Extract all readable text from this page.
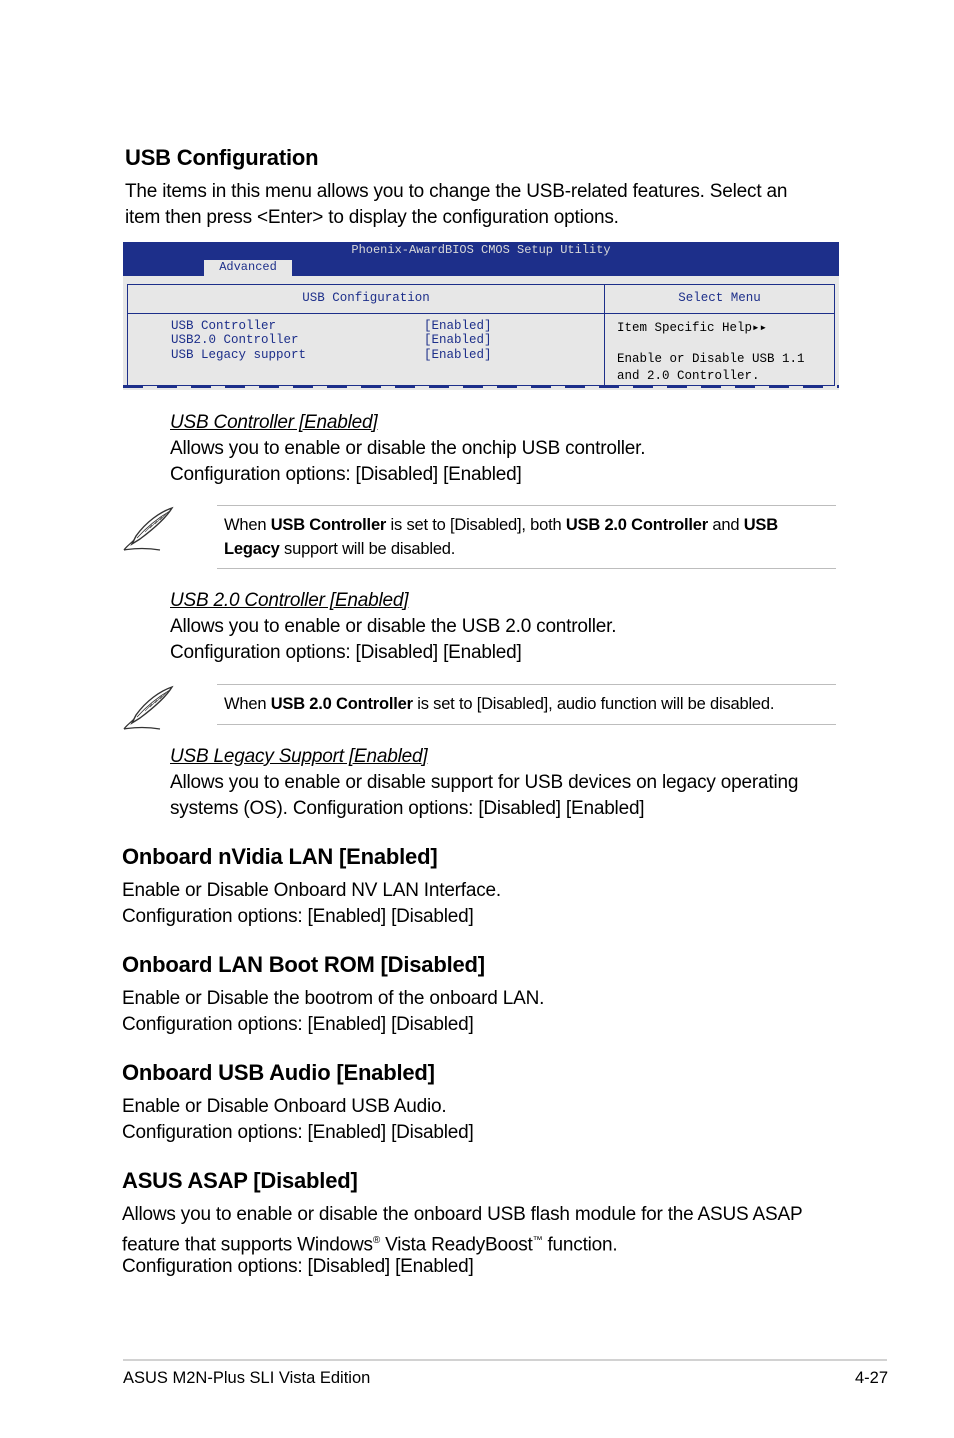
USB Configuration

The items in this menu allows you to change the USB-related features. Select an

item then press <Enter> to display the configuration options.

Phoenix-AwardBIOS CMOS Setup Utility
Advanced
USB Configuration
USB Controller	[Enabled]
USB2.0 Controller	[Enabled]
USB Legacy support	[Enabled]
Select Menu
Item Specific Help▸▸
Enable or Disable USB 1.1
and 2.0 Controller.

USB Controller [Enabled]

Allows you to enable or disable the onchip USB controller.

Configuration options: [Disabled] [Enabled]

When USB Controller is set to [Disabled], both USB 2.0 Controller and USB Legacy support will be disabled.

USB 2.0 Controller [Enabled]

Allows you to enable or disable the USB 2.0 controller.

Configuration options: [Disabled] [Enabled]

When USB 2.0 Controller is set to [Disabled], audio function will be disabled.

USB Legacy Support [Enabled]

Allows you to enable or disable support for USB devices on legacy operating

systems (OS). Configuration options: [Disabled] [Enabled]

Onboard nVidia LAN [Enabled]

Enable or Disable Onboard NV LAN Interface.

Configuration options: [Enabled] [Disabled]

Onboard LAN Boot ROM [Disabled]

Enable or Disable the bootrom of the onboard LAN.

Configuration options: [Enabled] [Disabled]

Onboard USB Audio [Enabled]

Enable or Disable Onboard USB Audio.

Configuration options: [Enabled] [Disabled]

ASUS ASAP [Disabled]

Allows you to enable or disable the onboard USB flash module for the ASUS ASAP

feature that supports Windows® Vista ReadyBoost™ function.

Configuration options: [Disabled] [Enabled]

ASUS M2N-Plus SLI Vista Edition	4-27
